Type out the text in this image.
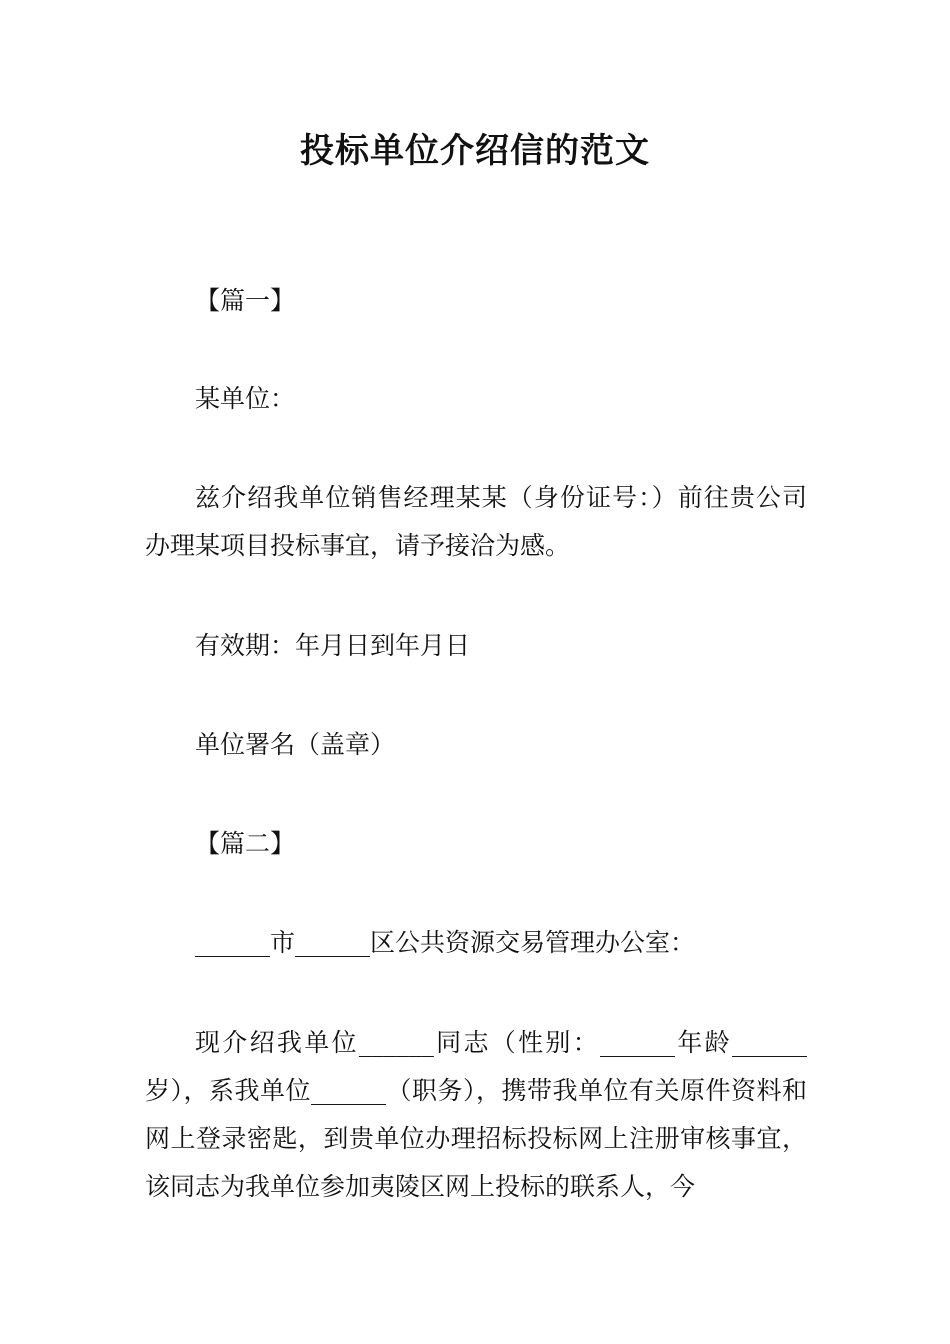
投标单位介绍信的范文

【篇一】

某单位：

兹介绍我单位销售经理某某（身份证号：）前往贵公司办理某项目投标事宜，请予接洽为感。

有效期：年月日到年月日

单位署名（盖章）

【篇二】

______市______区公共资源交易管理办公室：

现介绍我单位______同志（性别：______年龄______岁），系我单位______（职务），携带我单位有关原件资料和网上登录密匙，到贵单位办理招标投标网上注册审核事宜，该同志为我单位参加夷陵区网上投标的联系人，今
